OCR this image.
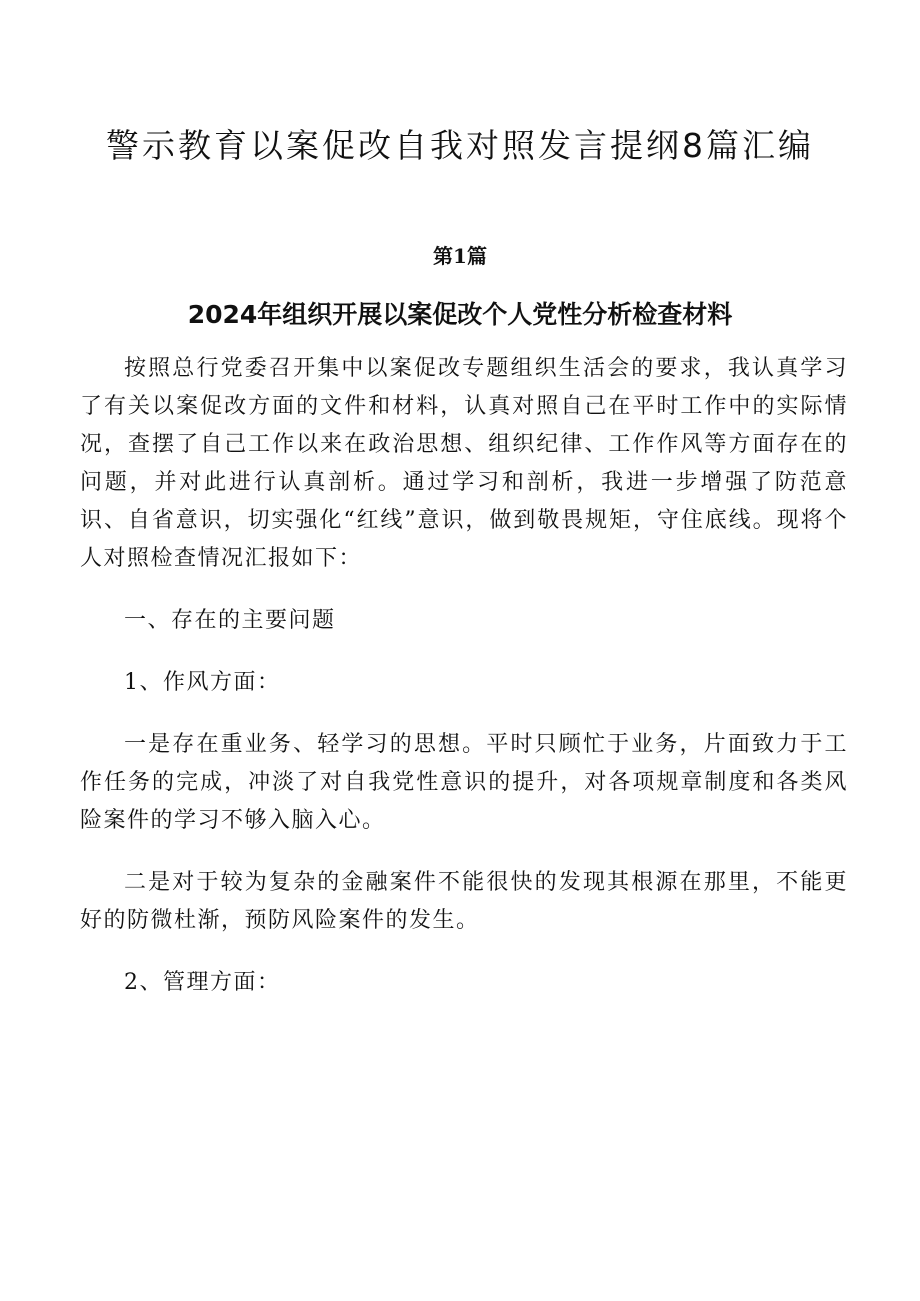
警示教育以案促改自我对照发言提纲8篇汇编
第1篇
2024年组织开展以案促改个人党性分析检查材料

按照总行党委召开集中以案促改专题组织生活会的要求，我认真学习了有关以案促改方面的文件和材料，认真对照自己在平时工作中的实际情况，查摆了自己工作以来在政治思想、组织纪律、工作作风等方面存在的问题，并对此进行认真剖析。通过学习和剖析，我进一步增强了防范意识、自省意识，切实强化“红线”意识，做到敬畏规矩，守住底线。现将个人对照检查情况汇报如下：

一、存在的主要问题

1、作风方面：

一是存在重业务、轻学习的思想。平时只顾忙于业务，片面致力于工作任务的完成，冲淡了对自我党性意识的提升，对各项规章制度和各类风险案件的学习不够入脑入心。

二是对于较为复杂的金融案件不能很快的发现其根源在那里，不能更好的防微杜渐，预防风险案件的发生。

2、管理方面：
